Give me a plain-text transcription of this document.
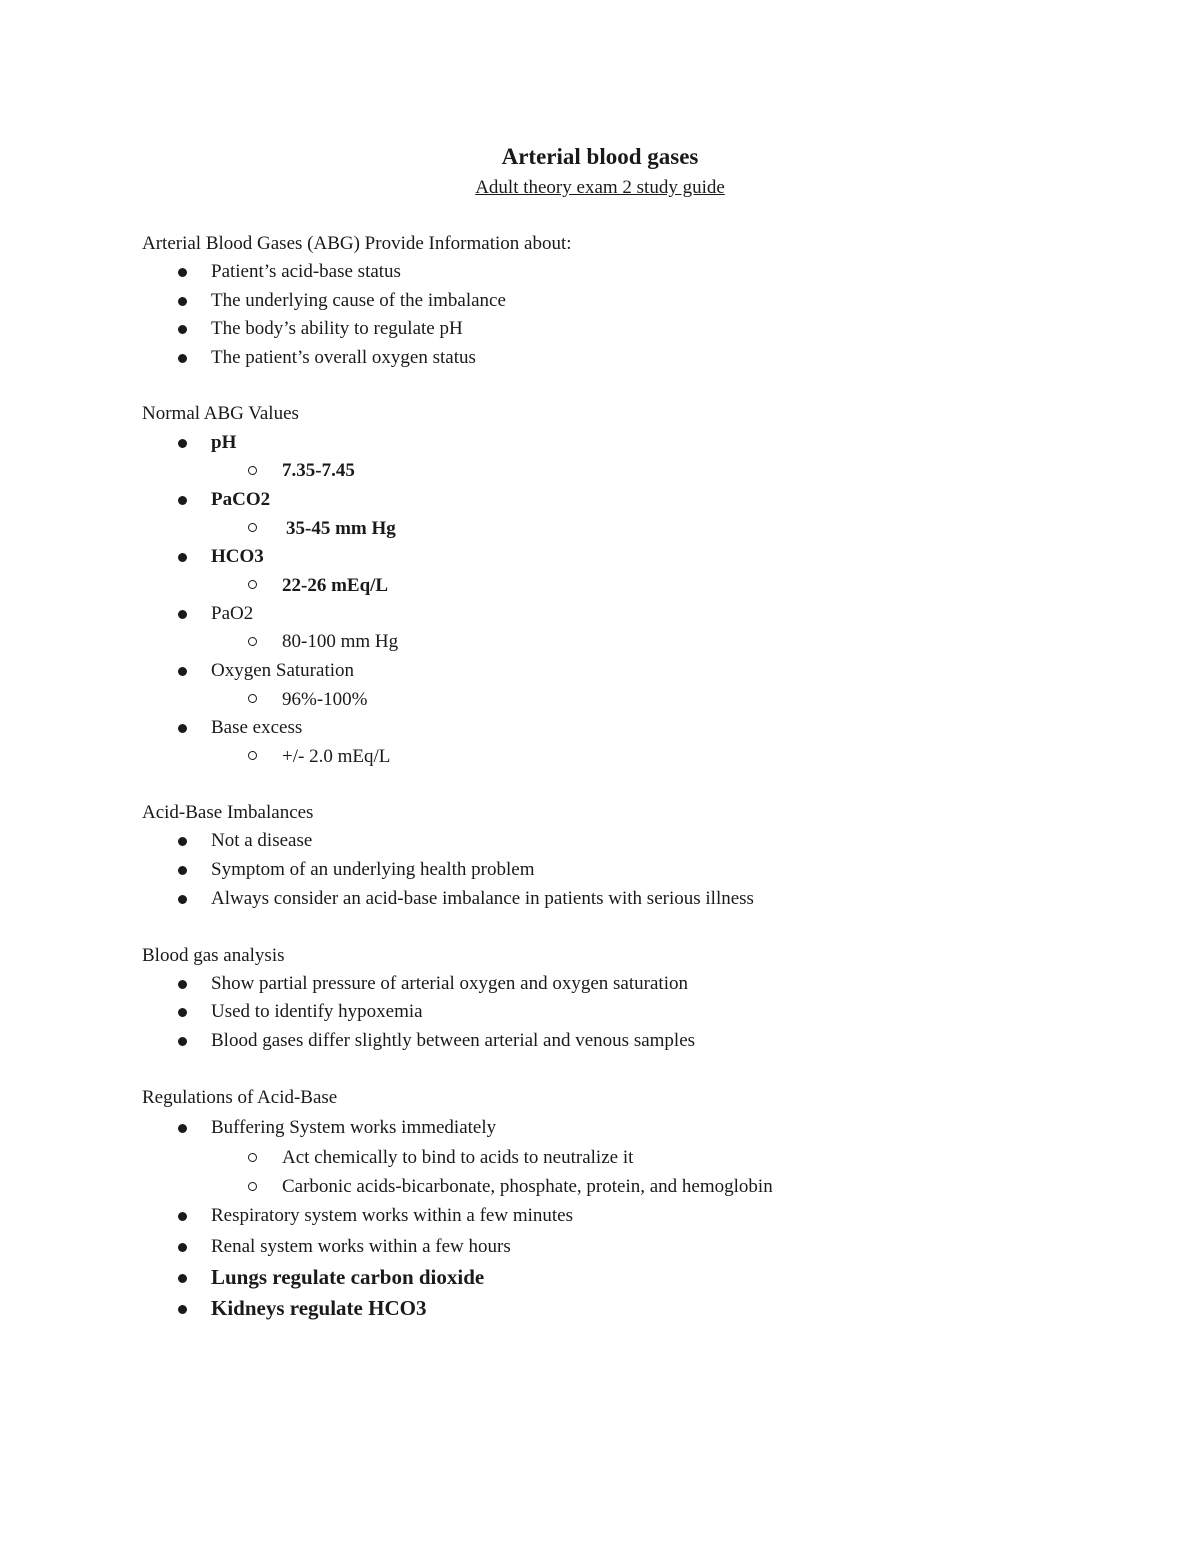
Arterial blood gases
Adult theory exam 2 study guide
Arterial Blood Gases (ABG) Provide Information about:
Patient’s acid-base status
The underlying cause of the imbalance
The body’s ability to regulate pH
The patient’s overall oxygen status
Normal ABG Values
pH
7.35-7.45
PaCO2
35-45 mm Hg
HCO3
22-26 mEq/L
PaO2
80-100 mm Hg
Oxygen Saturation
96%-100%
Base excess
+/- 2.0 mEq/L
Acid-Base Imbalances
Not a disease
Symptom of an underlying health problem
Always consider an acid-base imbalance in patients with serious illness
Blood gas analysis
Show partial pressure of arterial oxygen and oxygen saturation
Used to identify hypoxemia
Blood gases differ slightly between arterial and venous samples
Regulations of Acid-Base
Buffering System works immediately
Act chemically to bind to acids to neutralize it
Carbonic acids-bicarbonate, phosphate, protein, and hemoglobin
Respiratory system works within a few minutes
Renal system works within a few hours
Lungs regulate carbon dioxide
Kidneys regulate HCO3
